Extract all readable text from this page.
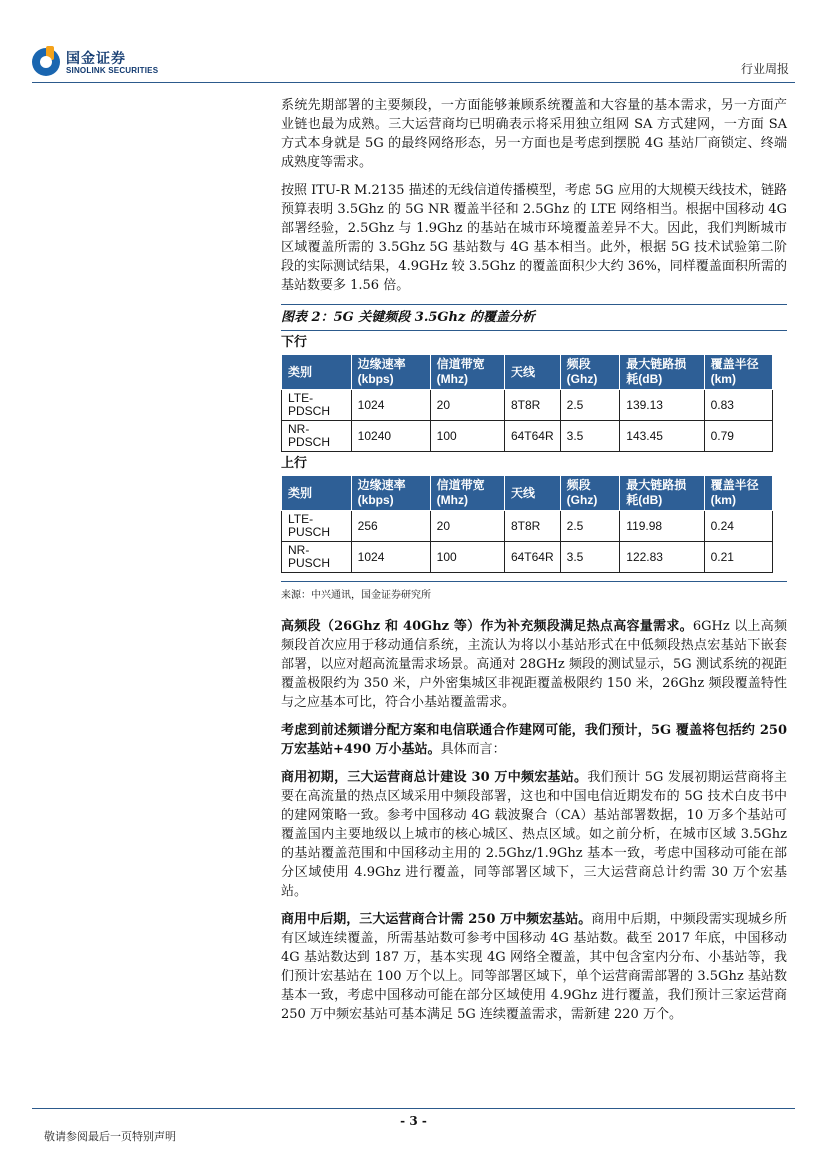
国金证券
SINOLINK SECURITIES	行业周报

系统先期部署的主要频段，一方面能够兼顾系统覆盖和大容量的基本需求，另一方面产业链也最为成熟。三大运营商均已明确表示将采用独立组网 SA 方式建网，一方面 SA 方式本身就是 5G 的最终网络形态，另一方面也是考虑到摆脱 4G 基站厂商锁定、终端成熟度等需求。

按照 ITU-R M.2135 描述的无线信道传播模型，考虑 5G 应用的大规模天线技术，链路预算表明 3.5Ghz 的 5G NR 覆盖半径和 2.5Ghz 的 LTE 网络相当。根据中国移动 4G 部署经验，2.5Ghz 与 1.9Ghz 的基站在城市环境覆盖差异不大。因此，我们判断城市区域覆盖所需的 3.5Ghz 5G 基站数与 4G 基本相当。此外，根据 5G 技术试验第二阶段的实际测试结果，4.9GHz 较 3.5Ghz 的覆盖面积少大约 36%，同样覆盖面积所需的基站数要多 1.56 倍。

图表 2：5G 关键频段 3.5Ghz 的覆盖分析
下行
类别	边缘速率 (kbps)	信道带宽 (Mhz)	天线	频段 (Ghz)	最大链路损耗(dB)	覆盖半径 (km)
LTE-PDSCH	1024	20	8T8R	2.5	139.13	0.83
NR-PDSCH	10240	100	64T64R	3.5	143.45	0.79
上行
类别	边缘速率 (kbps)	信道带宽 (Mhz)	天线	频段 (Ghz)	最大链路损耗(dB)	覆盖半径 (km)
LTE-PUSCH	256	20	8T8R	2.5	119.98	0.24
NR-PUSCH	1024	100	64T64R	3.5	122.83	0.21
来源：中兴通讯，国金证券研究所

高频段（26Ghz 和 40Ghz 等）作为补充频段满足热点高容量需求。6GHz 以上高频频段首次应用于移动通信系统，主流认为将以小基站形式在中低频段热点宏基站下嵌套部署，以应对超高流量需求场景。高通对 28GHz 频段的测试显示，5G 测试系统的视距覆盖极限约为 350 米，户外密集城区非视距覆盖极限约 150 米，26Ghz 频段覆盖特性与之应基本可比，符合小基站覆盖需求。

考虑到前述频谱分配方案和电信联通合作建网可能，我们预计，5G 覆盖将包括约 250 万宏基站+490 万小基站。具体而言：

商用初期，三大运营商总计建设 30 万中频宏基站。我们预计 5G 发展初期运营商将主要在高流量的热点区域采用中频段部署，这也和中国电信近期发布的 5G 技术白皮书中的建网策略一致。参考中国移动 4G 载波聚合（CA）基站部署数据，10 万多个基站可覆盖国内主要地级以上城市的核心城区、热点区域。如之前分析，在城市区域 3.5Ghz 的基站覆盖范围和中国移动主用的 2.5Ghz/1.9Ghz 基本一致，考虑中国移动可能在部分区域使用 4.9Ghz 进行覆盖，同等部署区域下，三大运营商总计约需 30 万个宏基站。

商用中后期，三大运营商合计需 250 万中频宏基站。商用中后期，中频段需实现城乡所有区域连续覆盖，所需基站数可参考中国移动 4G 基站数。截至 2017 年底，中国移动 4G 基站数达到 187 万，基本实现 4G 网络全覆盖，其中包含室内分布、小基站等，我们预计宏基站在 100 万个以上。同等部署区域下，单个运营商需部署的 3.5Ghz 基站数基本一致，考虑中国移动可能在部分区域使用 4.9Ghz 进行覆盖，我们预计三家运营商 250 万中频宏基站可基本满足 5G 连续覆盖需求，需新建 220 万个。

- 3 -
敬请参阅最后一页特别声明
